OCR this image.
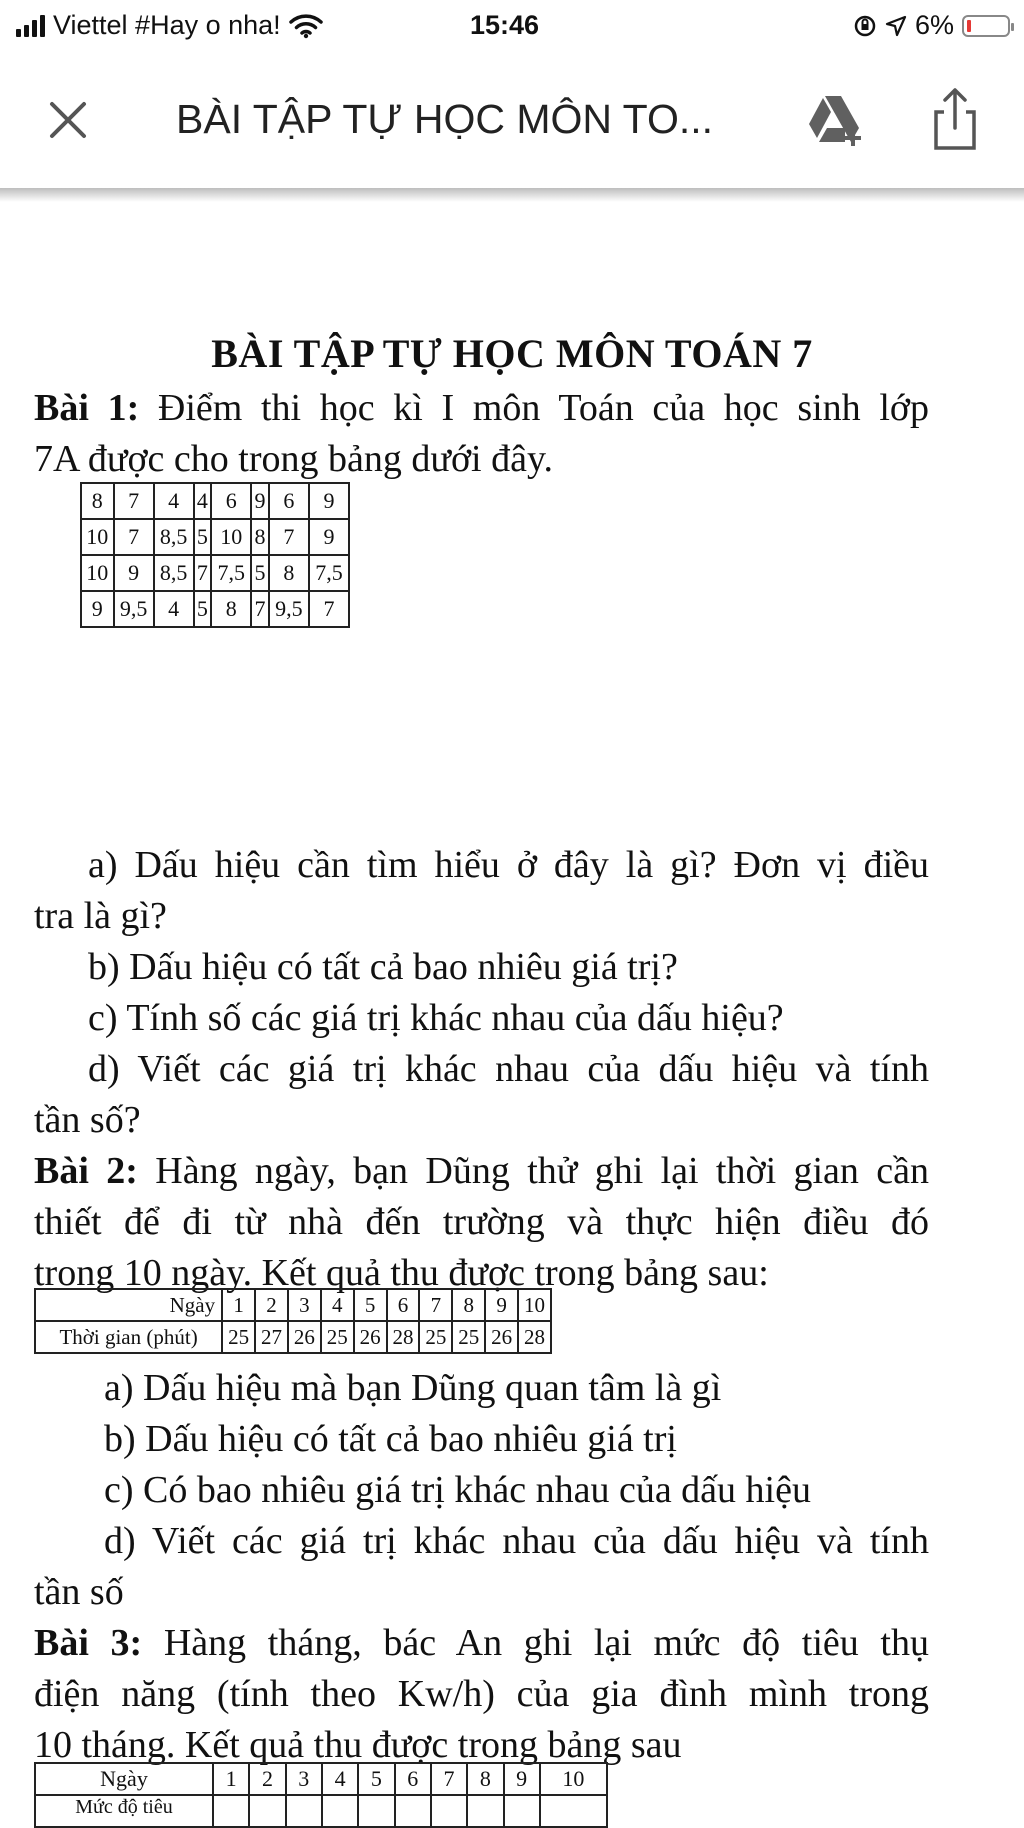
Viettel #Hay o nha!	15:46	6%
BÀI TẬP TỰ HỌC MÔN TO...
BÀI TẬP TỰ HỌC MÔN TOÁN 7
Bài 1: Điểm thi học kì I môn Toán của học sinh lớp
7A được cho trong bảng dưới đây.
8	7	4	4	6	9	6	9
10	7	8,5	5	10	8	7	9
10	9	8,5	7	7,5	5	8	7,5
9	9,5	4	5	8	7	9,5	7
a) Dấu hiệu cần tìm hiểu ở đây là gì? Đơn vị điều
tra là gì?
b) Dấu hiệu có tất cả bao nhiêu giá trị?
c) Tính số các giá trị khác nhau của dấu hiệu?
d) Viết các giá trị khác nhau của dấu hiệu và tính
tần số?
Bài 2: Hàng ngày, bạn Dũng thử ghi lại thời gian cần
thiết để đi từ nhà đến trường và thực hiện điều đó
trong 10 ngày. Kết quả thu được trong bảng sau:
Ngày	1	2	3	4	5	6	7	8	9	10
Thời gian (phút)	25	27	26	25	26	28	25	25	26	28
a) Dấu hiệu mà bạn Dũng quan tâm là gì
b) Dấu hiệu có tất cả bao nhiêu giá trị
c) Có bao nhiêu giá trị khác nhau của dấu hiệu
d) Viết các giá trị khác nhau của dấu hiệu và tính
tần số
Bài 3: Hàng tháng, bác An ghi lại mức độ tiêu thụ
điện năng (tính theo Kw/h) của gia đình mình trong
10 tháng. Kết quả thu được trong bảng sau
Ngày	1	2	3	4	5	6	7	8	9	10
Mức độ tiêu										
